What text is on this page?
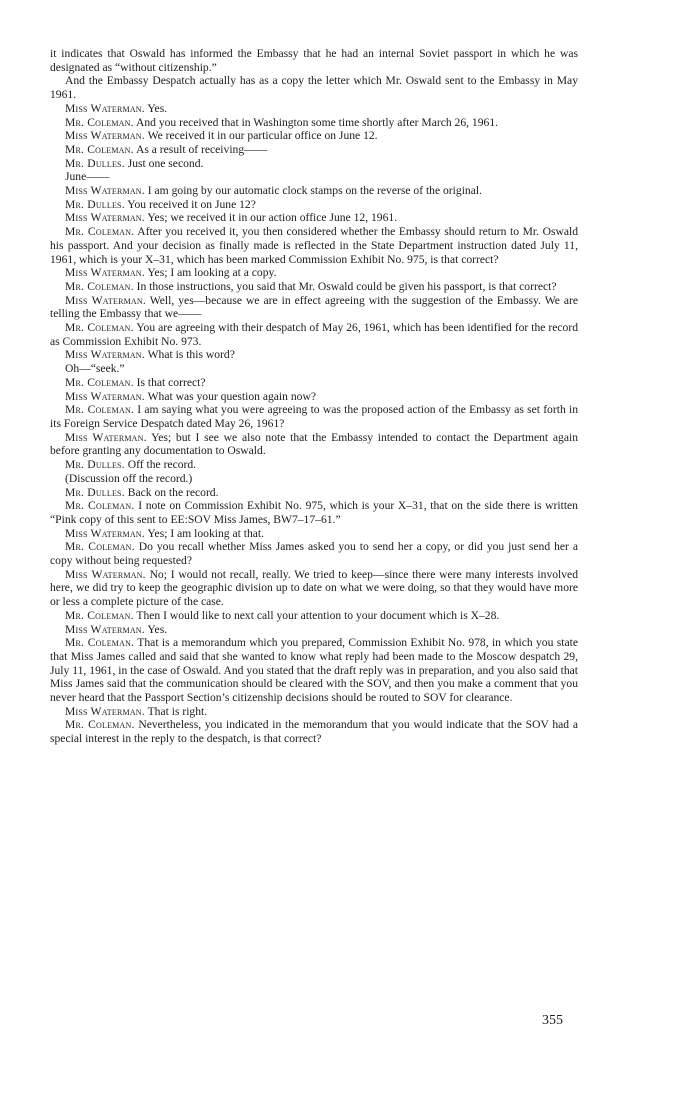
it indicates that Oswald has informed the Embassy that he had an internal Soviet passport in which he was designated as “without citizenship.”

And the Embassy Despatch actually has as a copy the letter which Mr. Oswald sent to the Embassy in May 1961.

Miss Waterman. Yes.

Mr. Coleman. And you received that in Washington some time shortly after March 26, 1961.

Miss Waterman. We received it in our particular office on June 12.

Mr. Coleman. As a result of receiving——

Mr. Dulles. Just one second.

June——

Miss Waterman. I am going by our automatic clock stamps on the reverse of the original.

Mr. Dulles. You received it on June 12?

Miss Waterman. Yes; we received it in our action office June 12, 1961.

Mr. Coleman. After you received it, you then considered whether the Embassy should return to Mr. Oswald his passport. And your decision as finally made is reflected in the State Department instruction dated July 11, 1961, which is your X–31, which has been marked Commission Exhibit No. 975, is that correct?

Miss Waterman. Yes; I am looking at a copy.

Mr. Coleman. In those instructions, you said that Mr. Oswald could be given his passport, is that correct?

Miss Waterman. Well, yes—because we are in effect agreeing with the suggestion of the Embassy. We are telling the Embassy that we——

Mr. Coleman. You are agreeing with their despatch of May 26, 1961, which has been identified for the record as Commission Exhibit No. 973.

Miss Waterman. What is this word?

Oh—“seek.”

Mr. Coleman. Is that correct?

Miss Waterman. What was your question again now?

Mr. Coleman. I am saying what you were agreeing to was the proposed action of the Embassy as set forth in its Foreign Service Despatch dated May 26, 1961?

Miss Waterman. Yes; but I see we also note that the Embassy intended to contact the Department again before granting any documentation to Oswald.

Mr. Dulles. Off the record.

(Discussion off the record.)

Mr. Dulles. Back on the record.

Mr. Coleman. I note on Commission Exhibit No. 975, which is your X–31, that on the side there is written “Pink copy of this sent to EE:SOV Miss James, BW7–17–61.”

Miss Waterman. Yes; I am looking at that.

Mr. Coleman. Do you recall whether Miss James asked you to send her a copy, or did you just send her a copy without being requested?

Miss Waterman. No; I would not recall, really. We tried to keep—since there were many interests involved here, we did try to keep the geographic division up to date on what we were doing, so that they would have more or less a complete picture of the case.

Mr. Coleman. Then I would like to next call your attention to your document which is X–28.

Miss Waterman. Yes.

Mr. Coleman. That is a memorandum which you prepared, Commission Exhibit No. 978, in which you state that Miss James called and said that she wanted to know what reply had been made to the Moscow despatch 29, July 11, 1961, in the case of Oswald. And you stated that the draft reply was in preparation, and you also said that Miss James said that the communication should be cleared with the SOV, and then you make a comment that you never heard that the Passport Section’s citizenship decisions should be routed to SOV for clearance.

Miss Waterman. That is right.

Mr. Coleman. Nevertheless, you indicated in the memorandum that you would indicate that the SOV had a special interest in the reply to the despatch, is that correct?

355
